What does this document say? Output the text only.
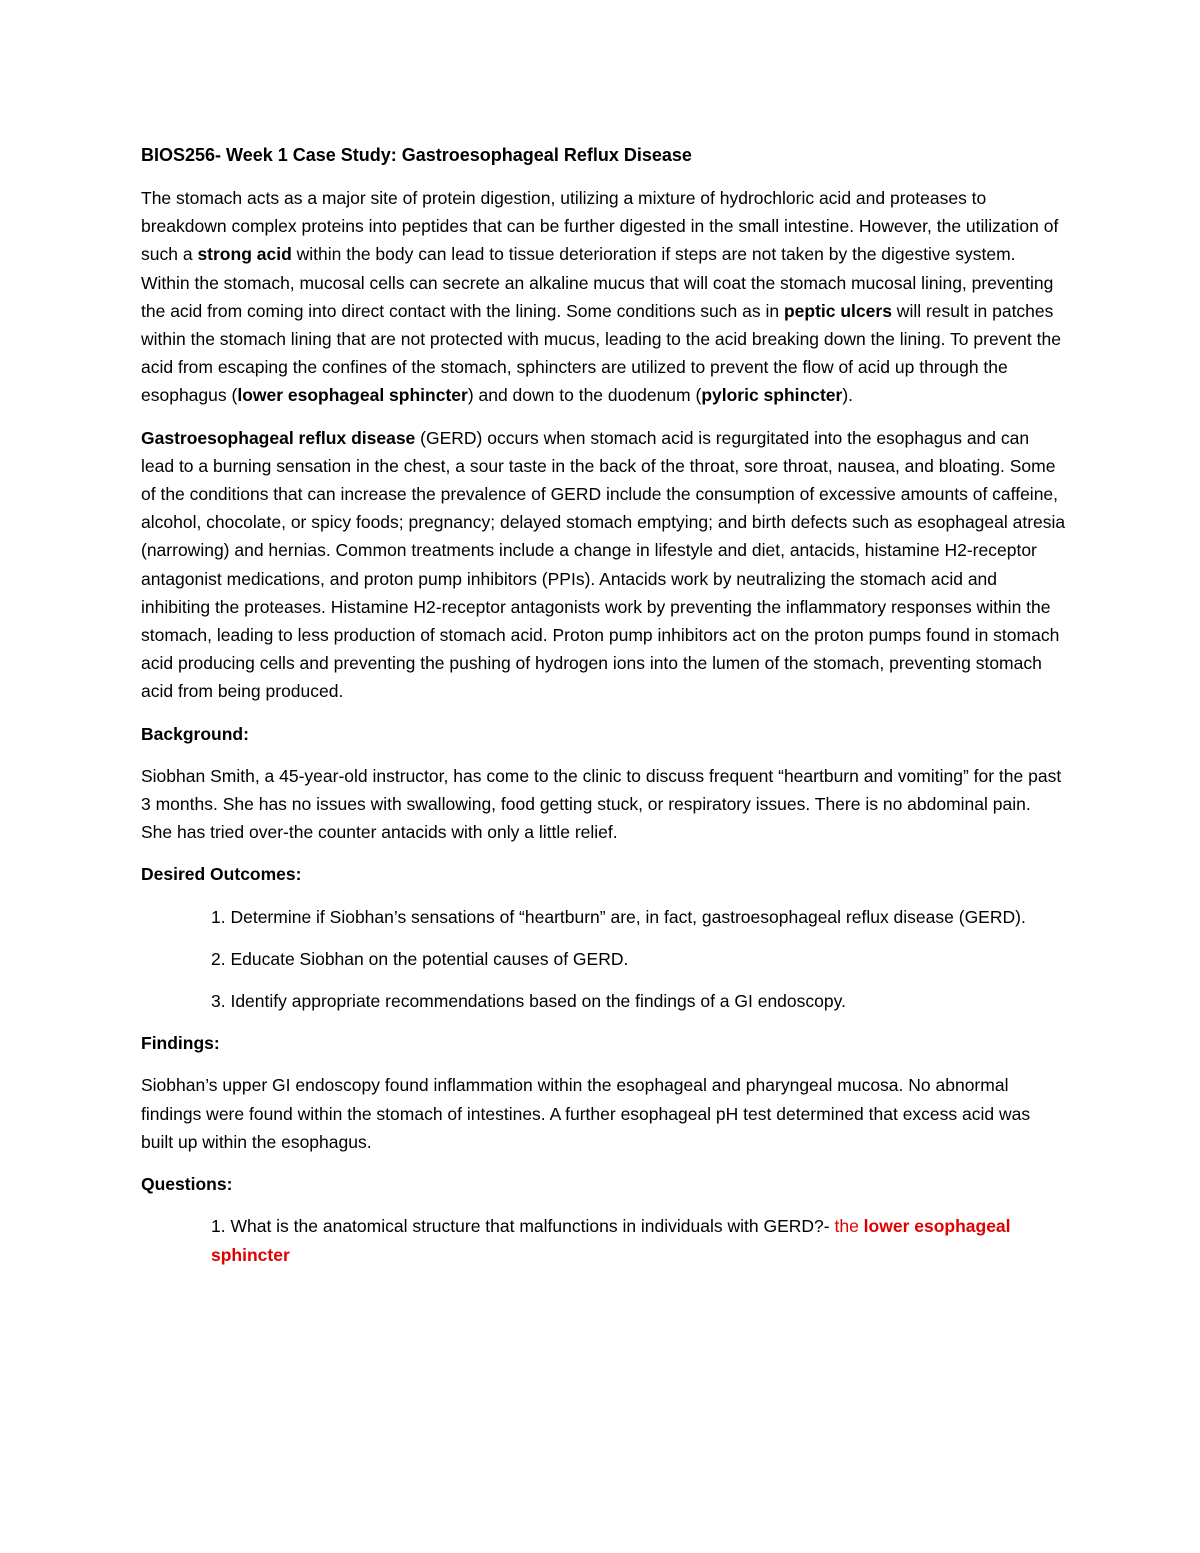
BIOS256- Week 1 Case Study: Gastroesophageal Reflux Disease

The stomach acts as a major site of protein digestion, utilizing a mixture of hydrochloric acid and proteases to breakdown complex proteins into peptides that can be further digested in the small intestine. However, the utilization of such a strong acid within the body can lead to tissue deterioration if steps are not taken by the digestive system. Within the stomach, mucosal cells can secrete an alkaline mucus that will coat the stomach mucosal lining, preventing the acid from coming into direct contact with the lining. Some conditions such as in peptic ulcers will result in patches within the stomach lining that are not protected with mucus, leading to the acid breaking down the lining. To prevent the acid from escaping the confines of the stomach, sphincters are utilized to prevent the flow of acid up through the esophagus (lower esophageal sphincter) and down to the duodenum (pyloric sphincter).

Gastroesophageal reflux disease (GERD) occurs when stomach acid is regurgitated into the esophagus and can lead to a burning sensation in the chest, a sour taste in the back of the throat, sore throat, nausea, and bloating. Some of the conditions that can increase the prevalence of GERD include the consumption of excessive amounts of caffeine, alcohol, chocolate, or spicy foods; pregnancy; delayed stomach emptying; and birth defects such as esophageal atresia (narrowing) and hernias. Common treatments include a change in lifestyle and diet, antacids, histamine H2-receptor antagonist medications, and proton pump inhibitors (PPIs). Antacids work by neutralizing the stomach acid and inhibiting the proteases. Histamine H2-receptor antagonists work by preventing the inflammatory responses within the stomach, leading to less production of stomach acid. Proton pump inhibitors act on the proton pumps found in stomach acid producing cells and preventing the pushing of hydrogen ions into the lumen of the stomach, preventing stomach acid from being produced.

Background:

Siobhan Smith, a 45-year-old instructor, has come to the clinic to discuss frequent “heartburn and vomiting” for the past 3 months. She has no issues with swallowing, food getting stuck, or respiratory issues. There is no abdominal pain. She has tried over-the counter antacids with only a little relief.

Desired Outcomes:
1. Determine if Siobhan’s sensations of “heartburn” are, in fact, gastroesophageal reflux disease (GERD).
2. Educate Siobhan on the potential causes of GERD.
3. Identify appropriate recommendations based on the findings of a GI endoscopy.
Findings:

Siobhan’s upper GI endoscopy found inflammation within the esophageal and pharyngeal mucosa. No abnormal findings were found within the stomach of intestines. A further esophageal pH test determined that excess acid was built up within the esophagus.

Questions:
1. What is the anatomical structure that malfunctions in individuals with GERD?- the lower esophageal sphincter
